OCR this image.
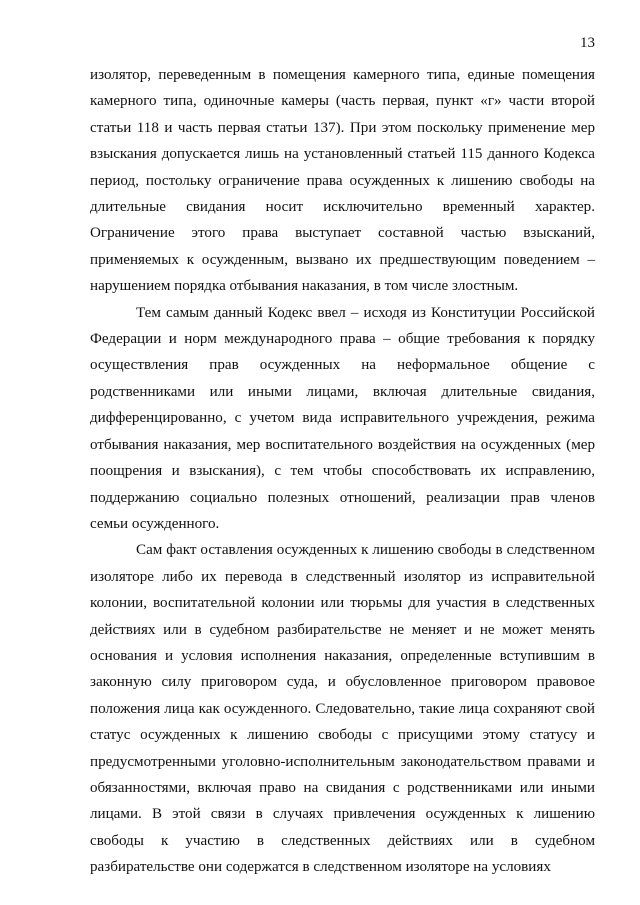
13

изолятор, переведенным в помещения камерного типа, единые помещения камерного типа, одиночные камеры (часть первая, пункт «г» части второй статьи 118 и часть первая статьи 137). При этом поскольку применение мер взыскания допускается лишь на установленный статьей 115 данного Кодекса период, постольку ограничение права осужденных к лишению свободы на длительные свидания носит исключительно временный характер. Ограничение этого права выступает составной частью взысканий, применяемых к осужденным, вызвано их предшествующим поведением – нарушением порядка отбывания наказания, в том числе злостным.

Тем самым данный Кодекс ввел – исходя из Конституции Российской Федерации и норм международного права – общие требования к порядку осуществления прав осужденных на неформальное общение с родственниками или иными лицами, включая длительные свидания, дифференцированно, с учетом вида исправительного учреждения, режима отбывания наказания, мер воспитательного воздействия на осужденных (мер поощрения и взыскания), с тем чтобы способствовать их исправлению, поддержанию социально полезных отношений, реализации прав членов семьи осужденного.

Сам факт оставления осужденных к лишению свободы в следственном изоляторе либо их перевода в следственный изолятор из исправительной колонии, воспитательной колонии или тюрьмы для участия в следственных действиях или в судебном разбирательстве не меняет и не может менять основания и условия исполнения наказания, определенные вступившим в законную силу приговором суда, и обусловленное приговором правовое положения лица как осужденного. Следовательно, такие лица сохраняют свой статус осужденных к лишению свободы с присущими этому статусу и предусмотренными уголовно-исполнительным законодательством правами и обязанностями, включая право на свидания с родственниками или иными лицами. В этой связи в случаях привлечения осужденных к лишению свободы к участию в следственных действиях или в судебном разбирательстве они содержатся в следственном изоляторе на условиях
